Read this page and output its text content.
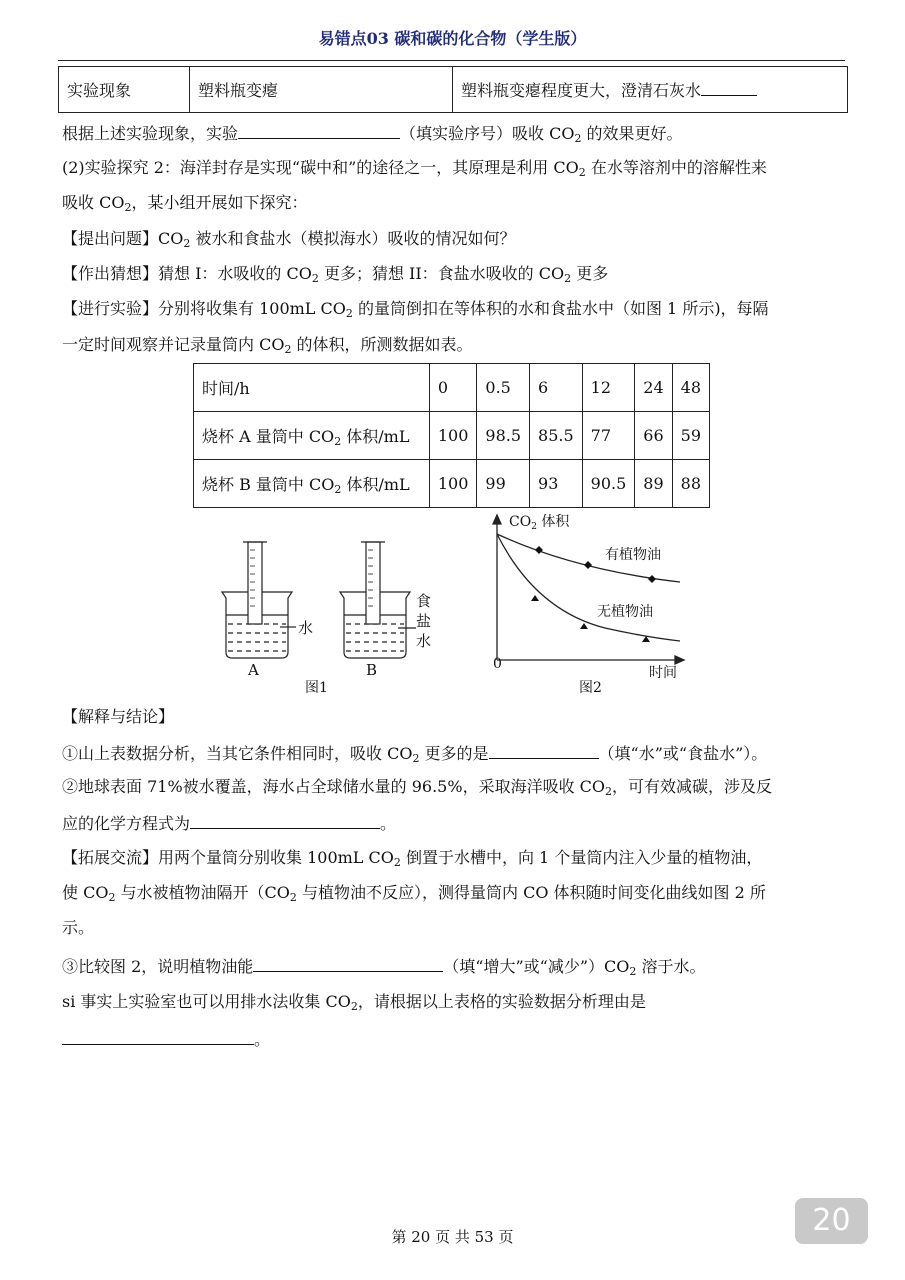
易错点03 碳和碳的化合物（学生版）
实验现象	塑料瓶变瘪	塑料瓶变瘪程度更大，澄清石灰水
根据上述实验现象，实验	（填实验序号）吸收 $CO_2$ 的效果更好。
(2)实验探究 2：海洋封存是实现“碳中和”的途径之一，其原理是利用 $CO_2$ 在水等溶剂中的溶解性来
吸收 $CO_2$，某小组开展如下探究：
【提出问题】$CO_2$ 被水和食盐水（模拟海水）吸收的情况如何？
【作出猜想】猜想 I：水吸收的 $CO_2$ 更多；猜想 II：食盐水吸收的 $CO_2$ 更多
【进行实验】分别将收集有 100mL $CO_2$ 的量筒倒扣在等体积的水和食盐水中（如图 1 所示)，每隔
一定时间观察并记录量筒内 $CO_2$ 的体积，所测数据如表。
时间/h	0	0.5	6	12	24	48
烧杯 A 量筒中 $CO_2$ 体积/mL	100	98.5	85.5	77	66	59
烧杯 B 量筒中 $CO_2$ 体积/mL	100	99	93	90.5	89	88
水
食
盐
水
A	B
图1
$CO_2$ 体积
有植物油
无植物油
0
时间
图2
【解释与结论】
①山上表数据分析，当其它条件相同时，吸收 $CO_2$ 更多的是	（填“水”或“食盐水”）。
②地球表面 71%被水覆盖，海水占全球储水量的 96.5%，采取海洋吸收 $CO_2$，可有效减碳，涉及反
应的化学方程式为	。
【拓展交流】用两个量筒分别收集 100mL $CO_2$ 倒置于水槽中，向 1 个量筒内注入少量的植物油，
使 $CO_2$ 与水被植物油隔开（$CO_2$ 与植物油不反应），测得量筒内 CO 体积随时间变化曲线如图 2 所
示。
③比较图 2，说明植物油能	（填“增大”或“减少$”)CO_2$ 溶于水。
si 事实上实验室也可以用排水法收集 $CO_2$，请根据以上表格的实验数据分析理由是
。
20
第 20 页 共 53 页
